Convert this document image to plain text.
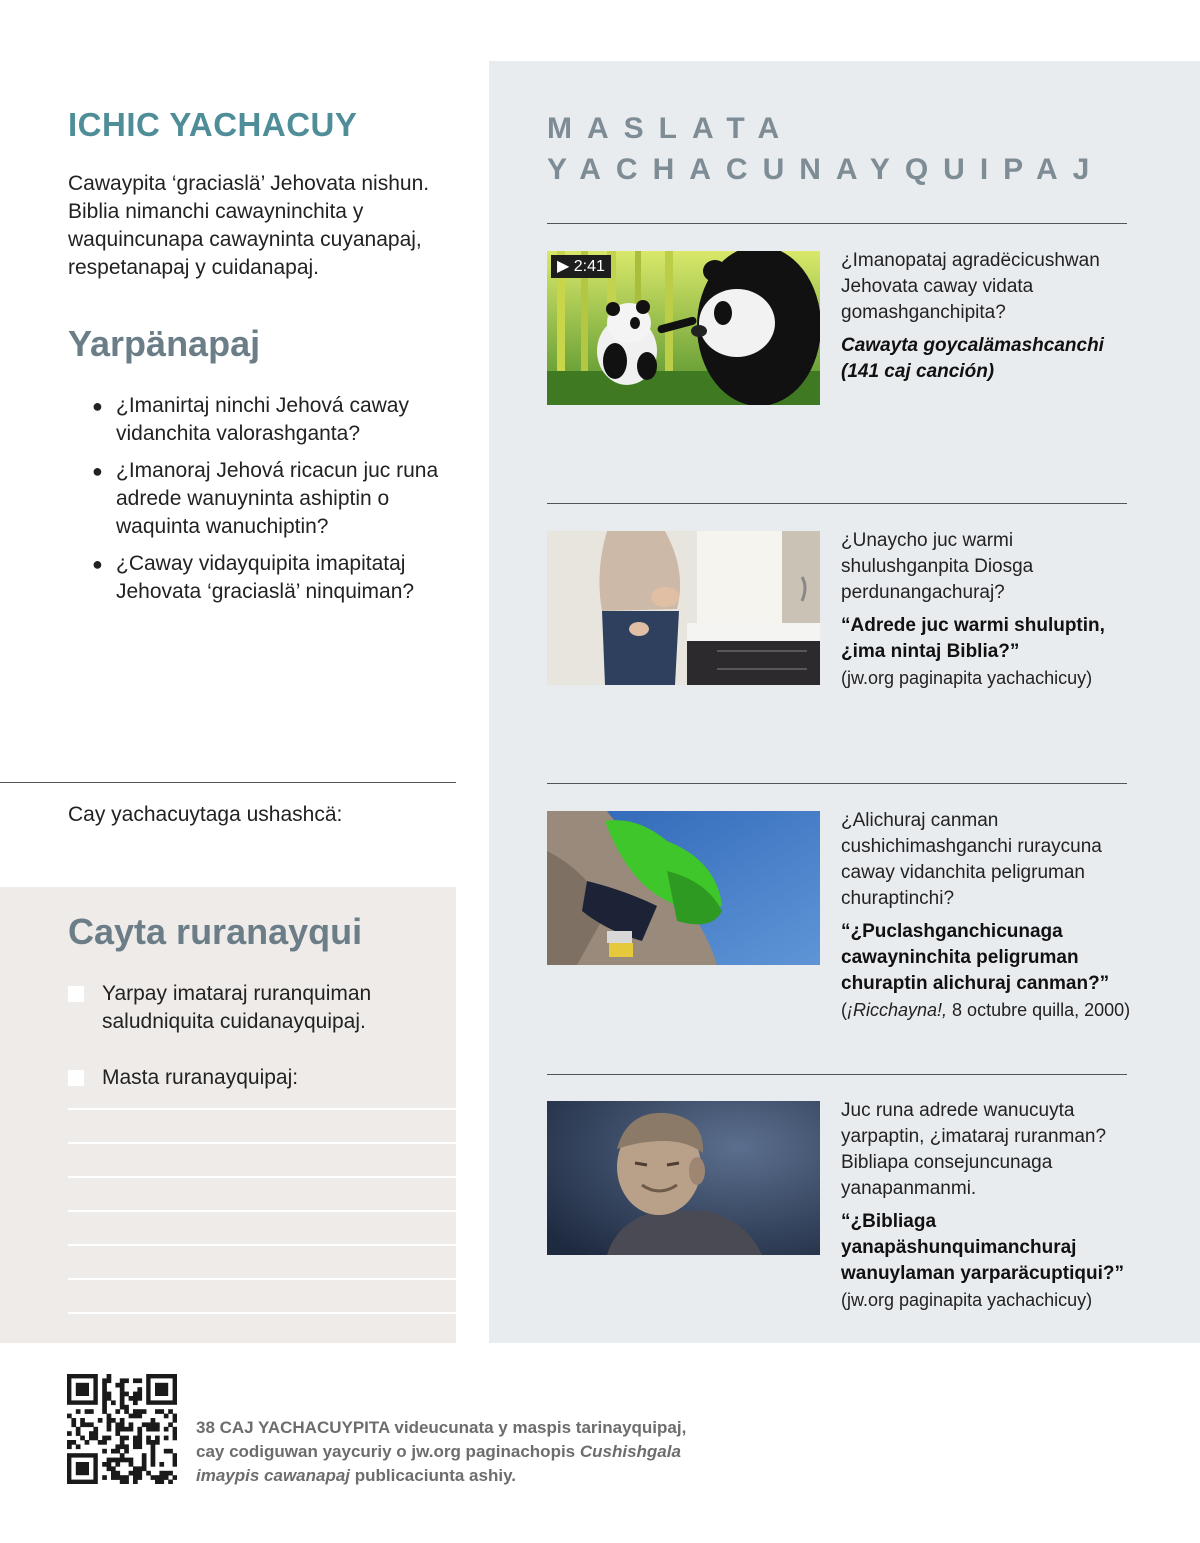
ICHIC YACHACUY

Cawaypita ‘graciaslä’ Jehovata nishun. Biblia nimanchi cawayninchita y waquincunapa cawayninta cuyanapaj, respetanapaj y cuidanapaj.

Yarpänapaj
● ¿Imanirtaj ninchi Jehová caway vidanchita valorashganta?
● ¿Imanoraj Jehová ricacun juc runa adrede wanuyninta ashiptin o waquinta wanuchiptin?
● ¿Caway vidayquipita imapitataj Jehovata ‘graciaslä’ ninquiman?

Cay yachacuytaga ushashcä:

Cayta ruranayqui
Yarpay imataraj ruranquiman saludniquita cuidanayquipaj.
Masta ruranayquipaj:
MASLATA
YACHACUNAYQUIPAJ
▶ 2:41	¿Imanopataj agradëcicushwan Jehovata caway vidata gomashganchipita?

Cawayta goycalämashcanchi (141 caj canción)

¿Unaycho juc warmi shulushganpita Diosga perdunangachuraj?

“Adrede juc warmi shuluptin, ¿ima nintaj Biblia?”

(jw.org paginapita yachachicuy)

¿Alichuraj canman cushichimashganchi ruraycuna caway vidanchita peligruman churaptinchi?

“¿Puclashganchicunaga cawayninchita peligruman churaptin alichuraj canman?”

(¡Ricchayna!, 8 octubre quilla, 2000)

Juc runa adrede wanucuyta yarpaptin, ¿imataraj ruranman? Bibliapa consejuncunaga yanapanmanmi.

“¿Bibliaga yanapäshunquimanchuraj wanuylaman yarparäcuptiqui?”

(jw.org paginapita yachachicuy)

38 CAJ YACHACUYPITA videucunata y maspis tarinayquipaj, cay codiguwan yaycuriy o jw.org paginachopis Cushishgala imaypis cawanapaj publicaciunta ashiy.
